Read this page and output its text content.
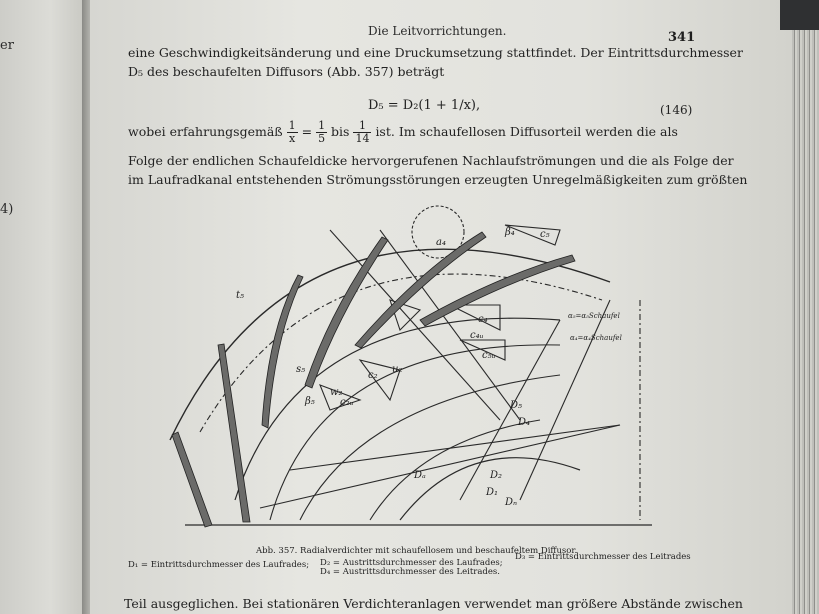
er
4)
Die Leitvorrichtungen.	341
eine Geschwindigkeitsänderung und eine Druckumsetzung stattfindet. Der Eintrittsdurchmesser
D₅ des beschaufelten Diffusors (Abb. 357) beträgt
D₅ = D₂(1 + 1/x),	(146)
wobei erfahrungsgemäß $\frac{1}{x} = \frac{1}{5}$ bis $\frac{1}{14}$ ist. Im schaufellosen Diffusorteil werden die als
Folge der endlichen Schaufeldicke hervorgerufenen Nachlaufströmungen und die als Folge der
im Laufradkanal entstehenden Strömungsstörungen erzeugten Unregelmäßigkeiten zum größten
t₅
s₅
β₅
a₄
β₄	c₅
c₄
c₄ᵤ
c₅ᵤ
c₂ᵤ
w₂
c₂
u₂
D₅
D₄
D₂
D₁
Dₐ
Dₙ
α₅=α₅Schaufel
α₄=α₄Schaufel
Abb. 357. Radialverdichter mit schaufellosem und beschaufeltem Diffusor.
D₁ = Eintrittsdurchmesser des Laufrades; D₂ = Austrittsdurchmesser des Laufrades;
D₃ = Eintrittsdurchmesser des Leitrades
D₄ = Austrittsdurchmesser des Leitrades.
Teil ausgeglichen. Bei stationären Verdichteranlagen verwendet man größere Abstände zwischen
